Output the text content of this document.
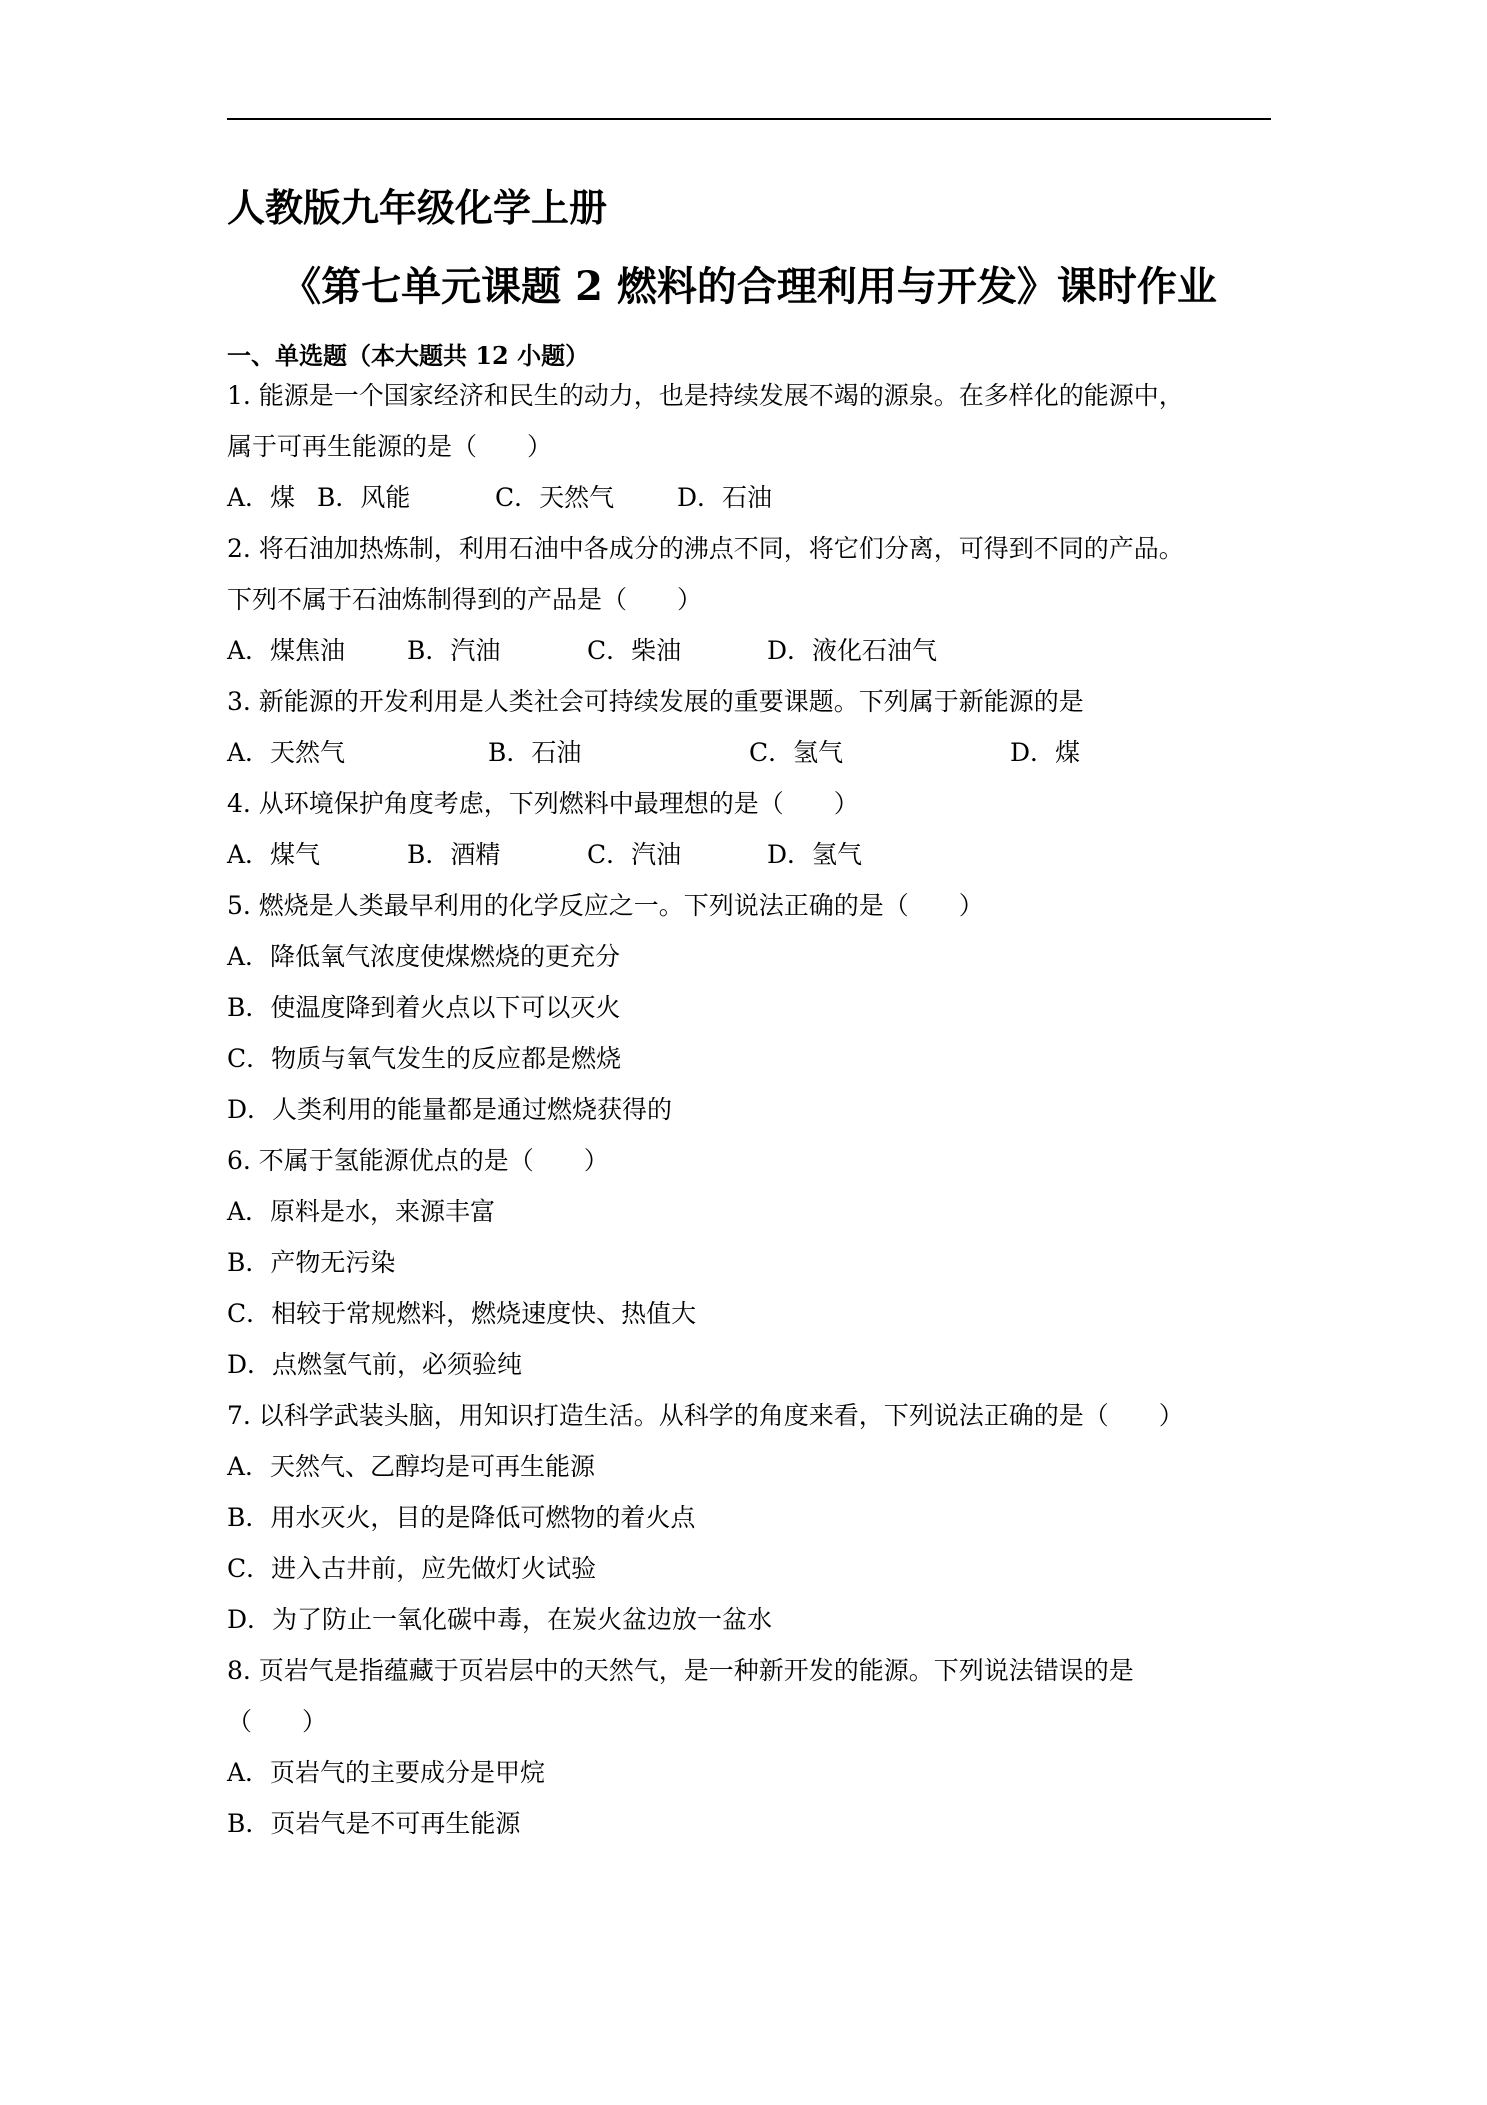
人教版九年级化学上册
《第七单元课题 2 燃料的合理利用与开发》课时作业
一、单选题（本大题共 12 小题）
1. 能源是一个国家经济和民生的动力，也是持续发展不竭的源泉。在多样化的能源中，
属于可再生能源的是（　　）
A．煤 B．风能	C．天然气	D．石油
2. 将石油加热炼制，利用石油中各成分的沸点不同，将它们分离，可得到不同的产品。
下列不属于石油炼制得到的产品是（　　）
A．煤焦油 B．汽油	C．柴油	D．液化石油气
3. 新能源的开发利用是人类社会可持续发展的重要课题。下列属于新能源的是
A．天然气	B．石油	C．氢气	D．煤
4. 从环境保护角度考虑，下列燃料中最理想的是（　　）
A．煤气	B．酒精	C．汽油	D．氢气
5. 燃烧是人类最早利用的化学反应之一。下列说法正确的是（　　）
A．降低氧气浓度使煤燃烧的更充分
B．使温度降到着火点以下可以灭火
C．物质与氧气发生的反应都是燃烧
D．人类利用的能量都是通过燃烧获得的
6. 不属于氢能源优点的是（　　）
A．原料是水，来源丰富
B．产物无污染
C．相较于常规燃料，燃烧速度快、热值大
D．点燃氢气前，必须验纯
7. 以科学武装头脑，用知识打造生活。从科学的角度来看，下列说法正确的是（　　）
A．天然气、乙醇均是可再生能源
B．用水灭火，目的是降低可燃物的着火点
C．进入古井前，应先做灯火试验
D．为了防止一氧化碳中毒，在炭火盆边放一盆水
8. 页岩气是指蕴藏于页岩层中的天然气，是一种新开发的能源。下列说法错误的是
（　　）
A．页岩气的主要成分是甲烷
B．页岩气是不可再生能源
